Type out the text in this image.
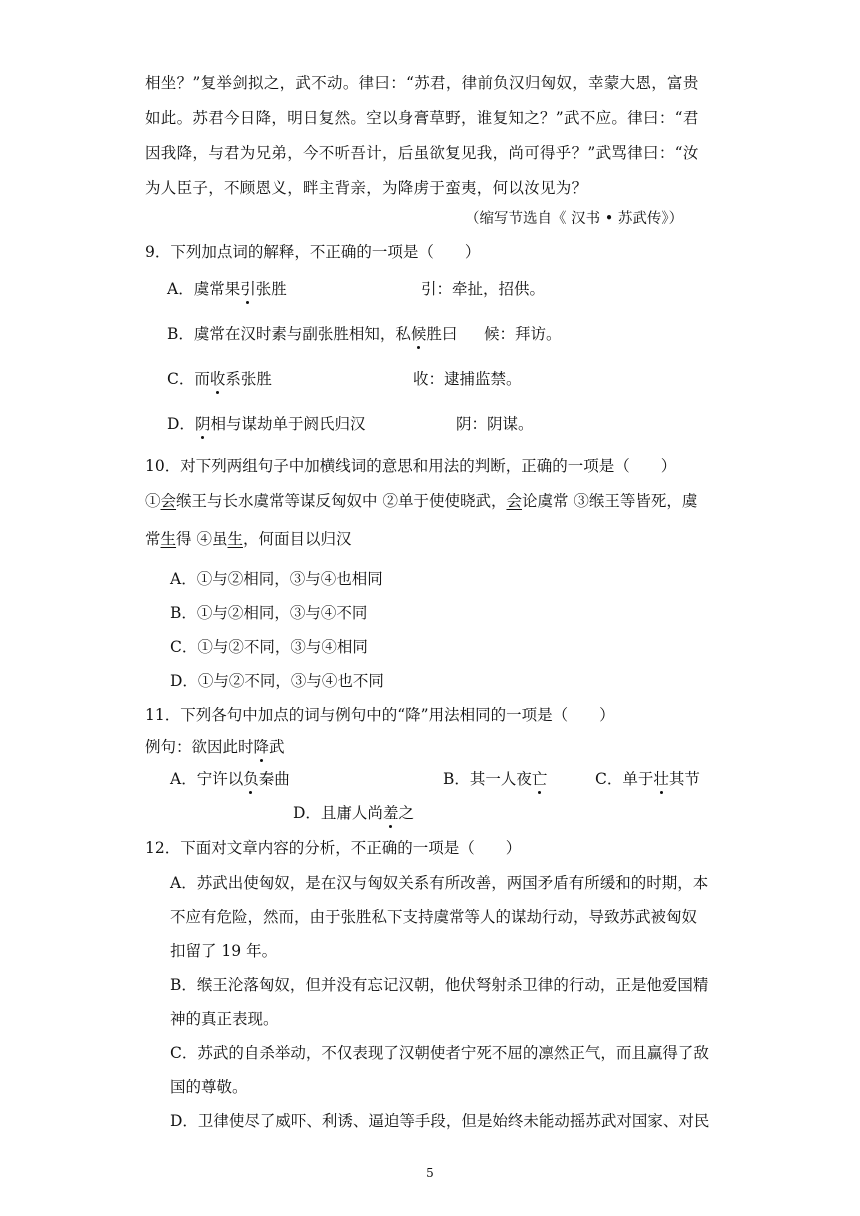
相坐？”复举剑拟之，武不动。律曰：“苏君，律前负汉归匈奴，幸蒙大恩，富贵
如此。苏君今日降，明日复然。空以身膏草野，谁复知之？”武不应。律曰：“君
因我降，与君为兄弟，今不听吾计，后虽欲复见我，尚可得乎？”武骂律曰：“汝
为人臣子，不顾恩义，畔主背亲，为降虏于蛮夷，何以汝见为？
（缩写节选自《 汉书 • 苏武传》）
9．下列加点词的解释，不正确的一项是（　　）
A．虞常果引张胜	引：牵扯，招供。
B．虞常在汉时素与副张胜相知，私候胜曰 候：拜访。
C．而收系张胜	收：逮捕监禁。
D．阴相与谋劫单于阏氏归汉	阴：阴谋。
10．对下列两组句子中加横线词的意思和用法的判断，正确的一项是（　　）
①会缑王与长水虞常等谋反匈奴中 ②单于使使晓武，会论虞常 ③缑王等皆死，虞
常生得 ④虽生，何面目以归汉
A．①与②相同，③与④也相同
B．①与②相同，③与④不同
C．①与②不同，③与④相同
D．①与②不同，③与④也不同
11．下列各句中加点的词与例句中的“降”用法相同的一项是（　　）
例句：欲因此时降武
A．宁许以负秦曲	B．其一人夜亡	C．单于壮其节
D．且庸人尚羞之
12．下面对文章内容的分析，不正确的一项是（　　）
A．苏武出使匈奴，是在汉与匈奴关系有所改善，两国矛盾有所缓和的时期，本
不应有危险，然而，由于张胜私下支持虞常等人的谋劫行动，导致苏武被匈奴
扣留了 19 年。
B．缑王沦落匈奴，但并没有忘记汉朝，他伏弩射杀卫律的行动，正是他爱国精
神的真正表现。
C．苏武的自杀举动，不仅表现了汉朝使者宁死不屈的凛然正气，而且赢得了敌
国的尊敬。
D．卫律使尽了威吓、利诱、逼迫等手段，但是始终未能动摇苏武对国家、对民
5
